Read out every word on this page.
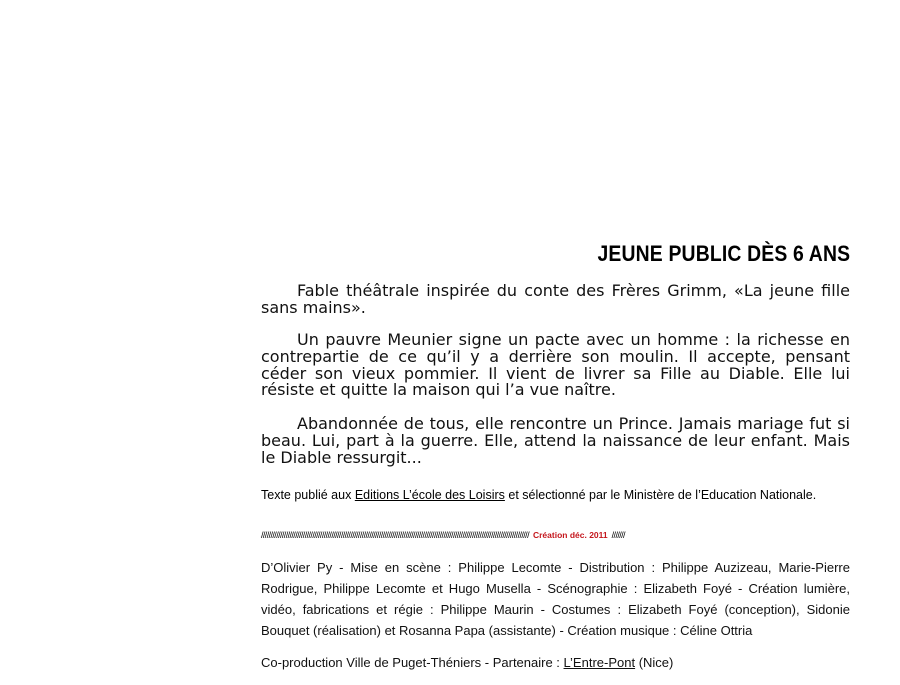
JEUNE PUBLIC DÈS 6 ANS

Fable théâtrale inspirée du conte des Frères Grimm, «La jeune fille sans mains».

Un pauvre Meunier signe un pacte avec un homme : la richesse en contrepartie de ce qu’il y a derrière son moulin. Il accepte, pensant céder son vieux pommier. Il vient de livrer sa Fille au Diable. Elle lui résiste et quitte la maison qui l’a vue naître.

Abandonnée de tous, elle rencontre un Prince. Jamais mariage fut si beau. Lui, part à la guerre. Elle, attend la naissance de leur enfant. Mais le Diable ressurgit...

Texte publié aux Editions L’école des Loisirs et sélectionné par le Ministère de l’Education Nationale.
///////////////////////////////////////////////////////////////////////////////////////////////////////////////////////////////////////////// Création déc. 2011 ///////

D’Olivier Py - Mise en scène : Philippe Lecomte - Distribution : Philippe Auzizeau, Marie-Pierre Rodrigue, Philippe Lecomte et Hugo Musella - Scénographie : Elizabeth Foyé - Création lumière, vidéo, fabrications et régie : Philippe Maurin - Costumes : Elizabeth Foyé (conception), Sidonie Bouquet (réalisation) et Rosanna Papa (assistante) - Création musique : Céline Ottria

Co-production Ville de Puget-Théniers - Partenaire : L’Entre-Pont (Nice)
